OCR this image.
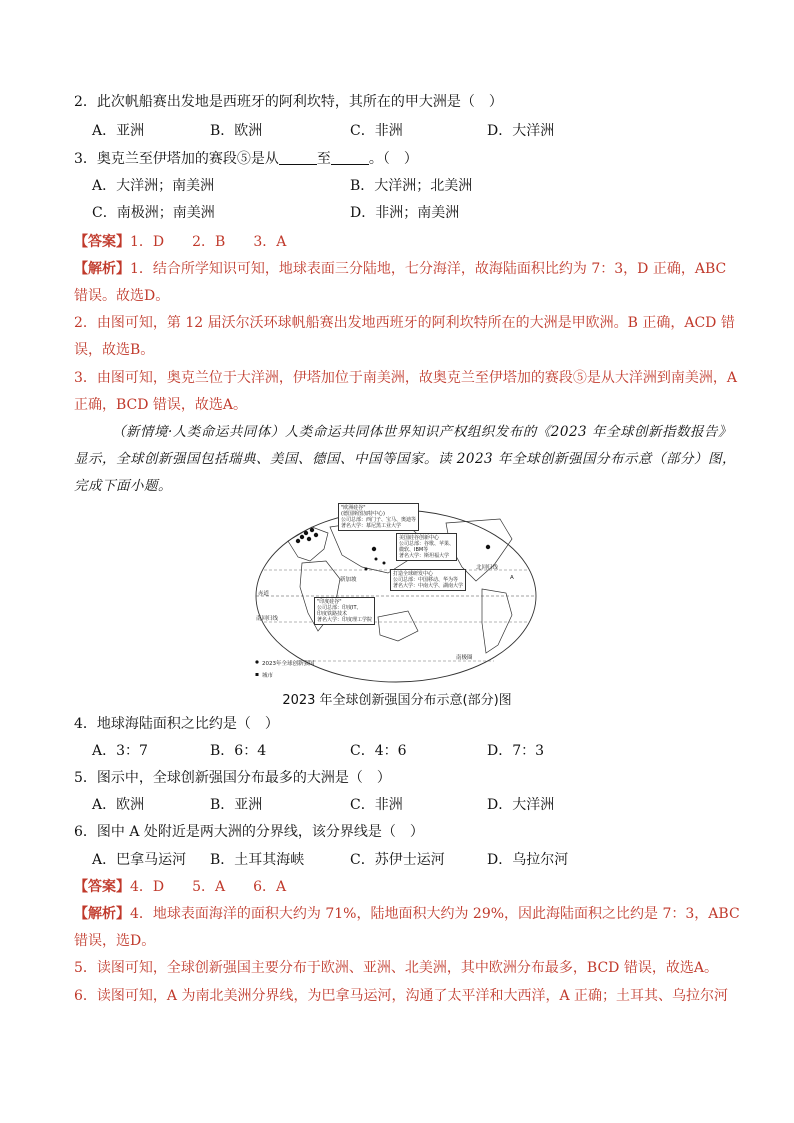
2．此次帆船赛出发地是西班牙的阿利坎特，其所在的甲大洲是（　）
A．亚洲	B．欧洲	C．非洲	D．大洋洲
3．奥克兰至伊塔加的赛段⑤是从	至	。（　）
A．大洋洲；南美洲	B．大洋洲；北美洲
C．南极洲；南美洲	D．非洲；南美洲
【答案】1．D　　2．B　　3．A
【解析】1．结合所学知识可知，地球表面三分陆地，七分海洋，故海陆面积比约为 7：3，D 正确，ABC
错误。故选D。
2．由图可知，第 12 届沃尔沃环球帆船赛出发地西班牙的阿利坎特所在的大洲是甲欧洲。B 正确，ACD 错
误，故选B。
3．由图可知，奥克兰位于大洋洲，伊塔加位于南美洲，故奥克兰至伊塔加的赛段⑤是从大洋洲到南美洲，A
正确，BCD 错误，故选A。
（新情境·人类命运共同体）人类命运共同体世界知识产权组织发布的《2023 年全球创新指数报告》
显示，全球创新强国包括瑞典、美国、德国、中国等国家。读 2023 年全球创新强国分布示意（部分）图，
完成下面小题。
"欧洲硅谷"
(德国斯图加特中心)
公司总部：西门子、宝马、奥迪等
著名大学：慕尼黑工业大学
美国硅谷创新中心
公司总部：谷歌、苹果、
微软、IBM等
著名大学：斯坦福大学
打造全球研发中心
公司总部：中国移动、华为等
著名大学：中南大学、湖南大学
"印度硅谷"
公司总部：印度IT、
印度铁路技术
著名大学：印度理工学院
A
赤道
北回归线
南回归线
南极圈
新加坡
2023年全球创新强国
城市
2023 年全球创新强国分布示意(部分)图
4．地球海陆面积之比约是（　）
A．3：7	B．6：4	C．4：6	D．7：3
5．图示中，全球创新强国分布最多的大洲是（　）
A．欧洲	B．亚洲	C．非洲	D．大洋洲
6．图中 A 处附近是两大洲的分界线，该分界线是（　）
A．巴拿马运河 B．土耳其海峡	C．苏伊士运河	D．乌拉尔河
【答案】4．D　　5．A　　6．A
【解析】4．地球表面海洋的面积大约为 71%，陆地面积大约为 29%，因此海陆面积之比约是 7：3，ABC
错误，选D。
5．读图可知，全球创新强国主要分布于欧洲、亚洲、北美洲，其中欧洲分布最多，BCD 错误，故选A。
6．读图可知，A 为南北美洲分界线，为巴拿马运河，沟通了太平洋和大西洋，A 正确；土耳其、乌拉尔河
